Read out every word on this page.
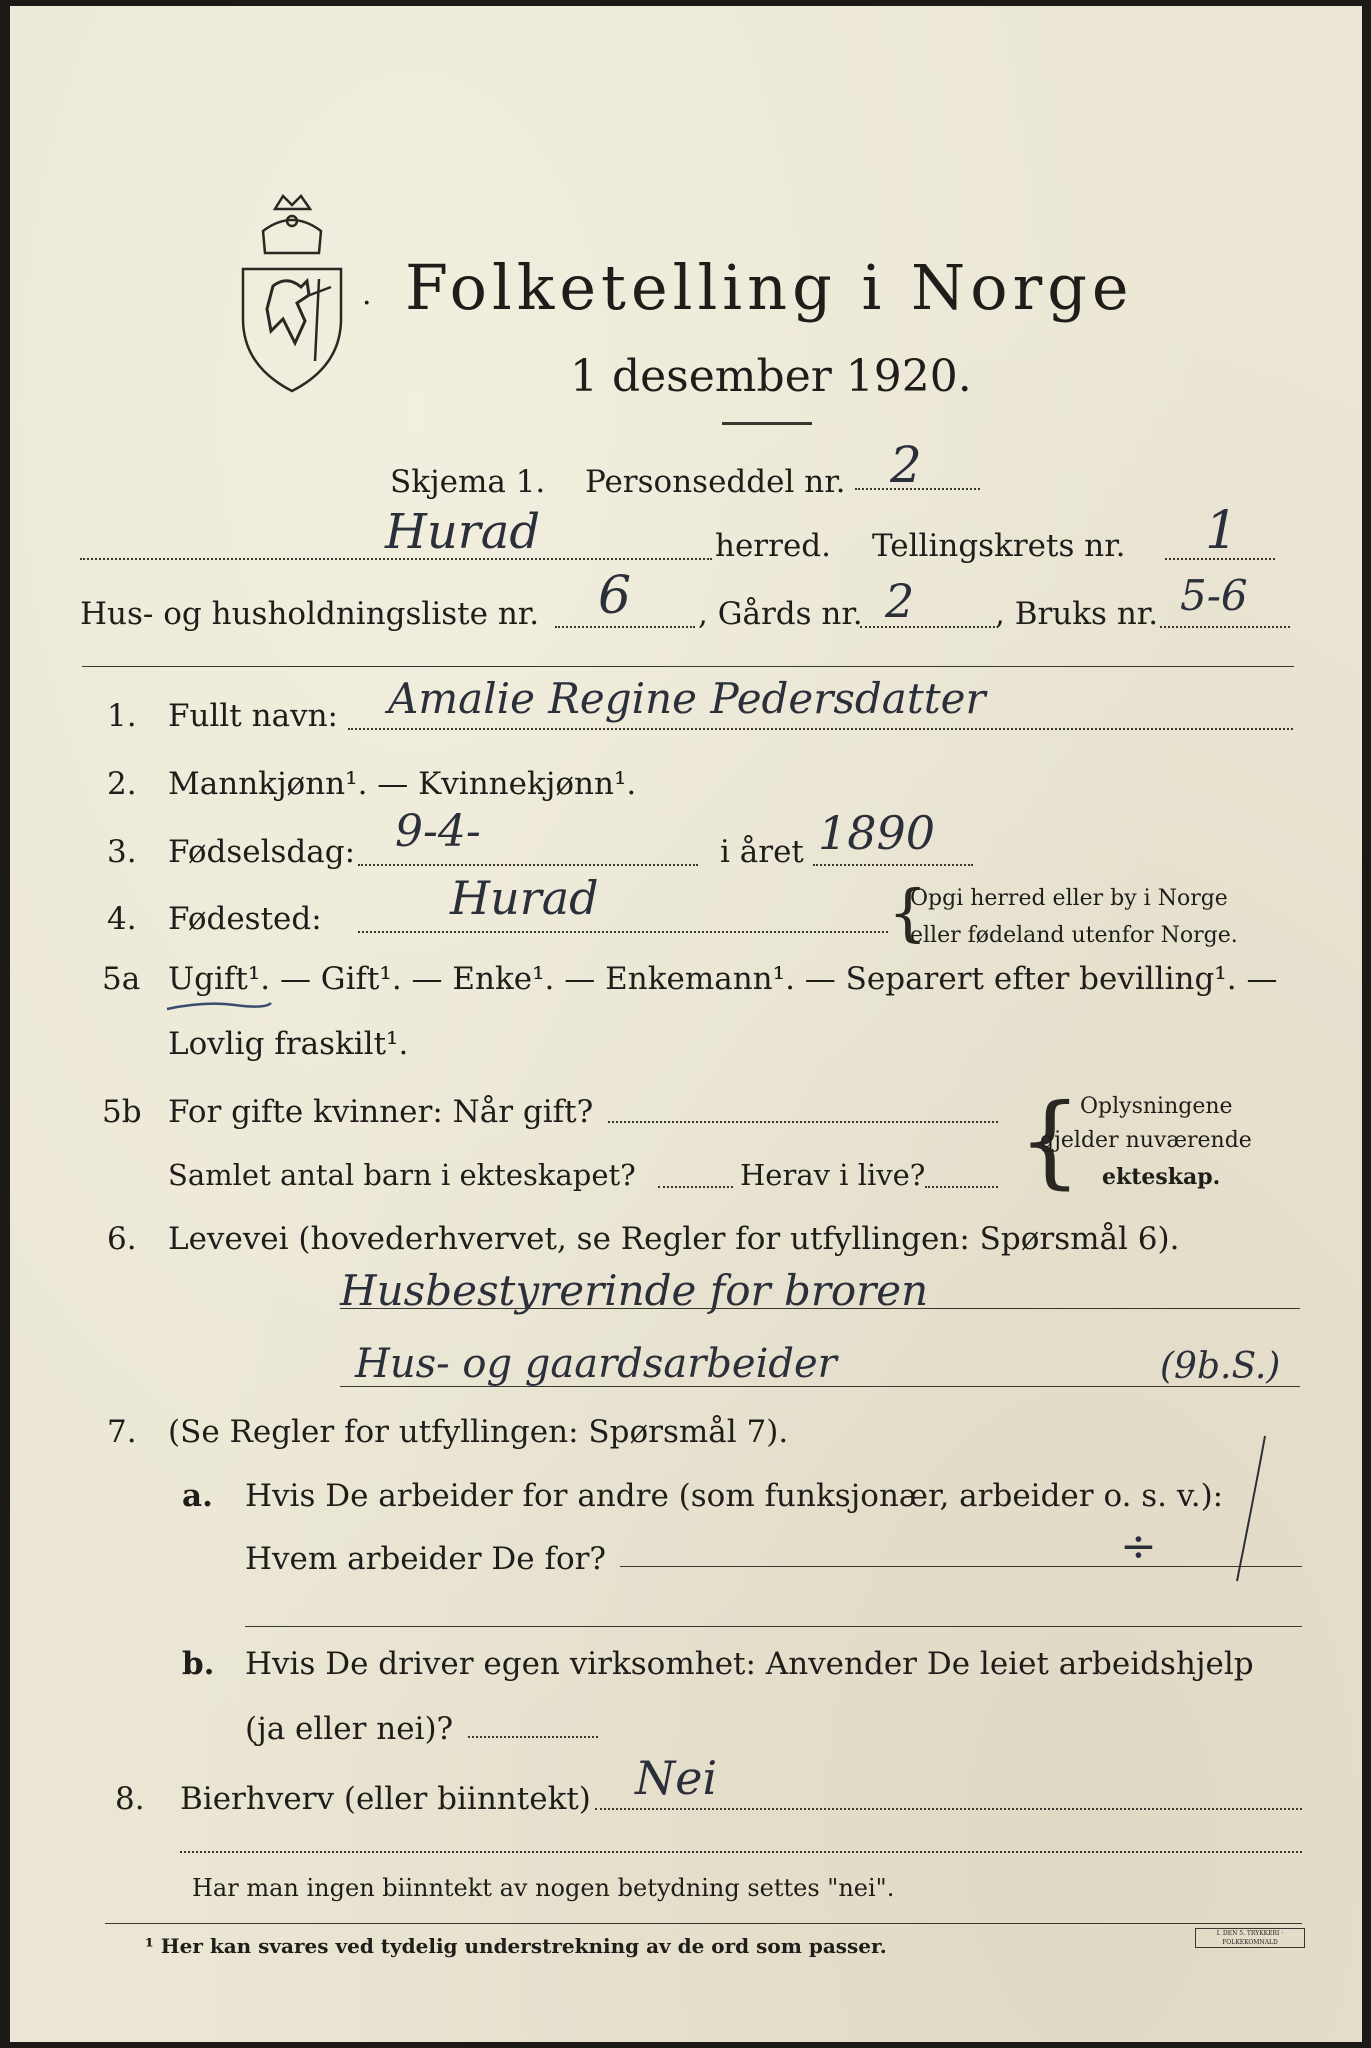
· Folketelling i Norge
1 desember 1920.
Skjema 1. Personseddel nr. 2
Hurad	herred. Tellingskrets nr. 1
Hus- og husholdningsliste nr. 6 , Gårds nr. 2	, Bruks nr. 5-6
1. Fullt navn: Amalie Regine Pedersdatter
2. Mannkjønn¹. — Kvinnekjønn¹.
3. Fødselsdag: 9-4-	i året 1890
4. Fødested:	Hurad	{
Opgi herred eller by i Norge
eller fødeland utenfor Norge.
5a Ugift¹. — Gift¹. — Enke¹. — Enkemann¹. — Separert efter bevilling¹. —
Lovlig fraskilt¹.
5b For gifte kvinner: Når gift?
Samlet antal barn i ekteskapet?	Herav i live? {
Oplysningene
gjelder nuværende
ekteskap.
6. Levevei (hovederhvervet, se Regler for utfyllingen: Spørsmål 6).
Husbestyrerinde for broren
Hus- og gaardsarbeider	(9b.S.)
7. (Se Regler for utfyllingen: Spørsmål 7).
a. Hvis De arbeider for andre (som funksjonær, arbeider o. s. v.):
Hvem arbeider De for?	÷
b. Hvis De driver egen virksomhet: Anvender De leiet arbeidshjelp
(ja eller nei)?
8. Bierhverv (eller biinntekt) Nei
Har man ingen biinntekt av nogen betydning settes "nei".
¹ Her kan svares ved tydelig understrekning av de ord som passer.
I. DEN 5. TRYKKERI · FOLKEKOMNALD
